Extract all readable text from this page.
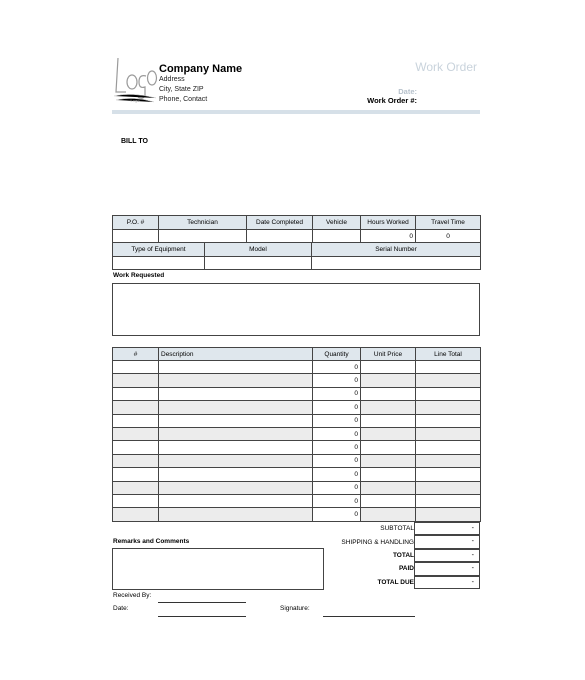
Logo
Company Name
Address
City, State ZIP
Phone, Contact
Work Order
Date:
Work Order #:
BILL TO
P.O. #	Technician	Date Completed	Vehicle	Hours Worked	Travel Time
				0	0
Type of Equipment	Model	Serial Number

Work Requested
#	Description	Quantity	Unit Price	Line Total
		0		
		0		
		0		
		0		
		0		
		0		
		0		
		0		
		0		
		0		
		0		
		0		
SUBTOTAL	-
SHIPPING & HANDLING	-
TOTAL	-
PAID	-
TOTAL DUE	-
Remarks and Comments
Received By:
Date:	Signature:
